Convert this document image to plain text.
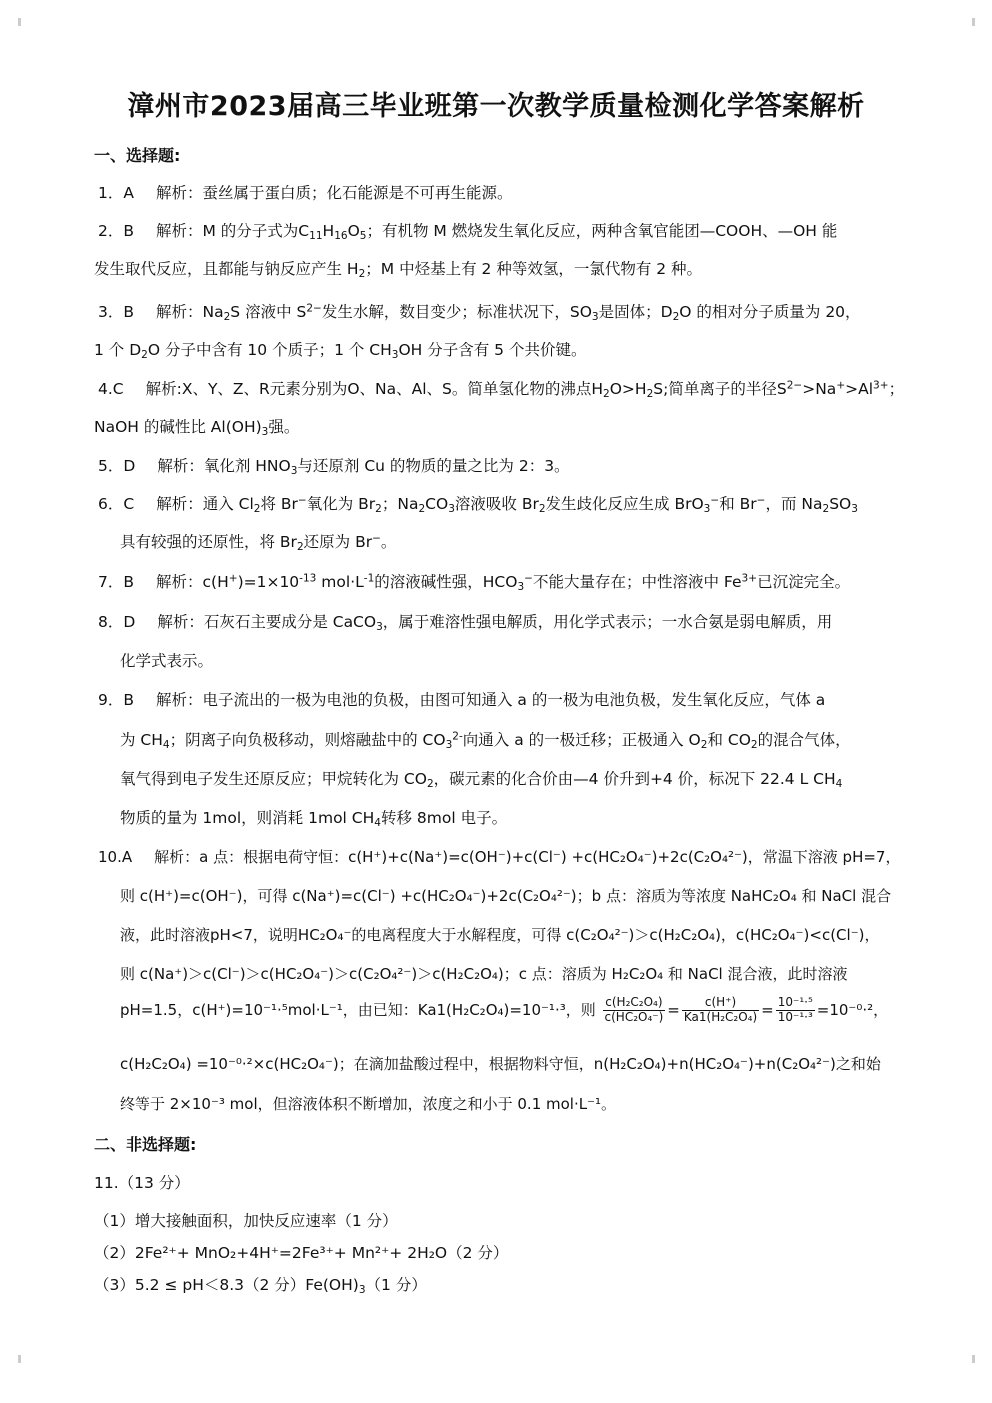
漳州市2023届高三毕业班第一次教学质量检测化学答案解析
一、选择题:
1．A 解析：蚕丝属于蛋白质；化石能源是不可再生能源。
2．B 解析：M 的分子式为$C_{11}H_{16}O_5$；有机物 M 燃烧发生氧化反应，两种含氧官能团—COOH、—OH 能
发生取代反应，且都能与钠反应产生 $H_2$；M 中烃基上有 2 种等效氢，一氯代物有 2 种。
3．B 解析：$Na_2S$ 溶液中 $S^{2-}$发生水解，数目变少；标准状况下，$SO_3$是固体；$D_2O$ 的相对分子质量为 20，
1 个 $D_2O$ 分子中含有 10 个质子；1 个 $CH_3OH$ 分子含有 5 个共价键。
4.C 解析:X、Y、Z、R元素分别为O、Na、Al、S。简单氢化物的沸点$H_2O>H_2S$;简单离子的半径$S^{2-}>Na^+>Al^{3+}$；
NaOH 的碱性比 $Al(OH)_3$强。
5．D 解析：氧化剂 $HNO_3$与还原剂 Cu 的物质的量之比为 2：3。
6．C 解析：通入 $Cl_2$将 Br−氧化为 $Br_2$；$Na_2CO_3$溶液吸收 $Br_2$发生歧化反应生成 BrO$_3$−和 Br−，而 $Na_2SO_3$
具有较强的还原性，将 $Br_2$还原为 Br−。
7．B 解析：$c(H^+)=1\times 10^{-13}$ $mol\cdot L^{-1}$的溶液碱性强，$HCO_3^-$不能大量存在；中性溶液中 $Fe^{3+}$已沉淀完全。
8．D 解析：石灰石主要成分是 CaCO$_3$，属于难溶性强电解质，用化学式表示；一水合氨是弱电解质，用
化学式表示。
9．B 解析：电子流出的一极为电池的负极，由图可知通入 a 的一极为电池负极，发生氧化反应，气体 a
为 $CH_4$；阴离子向负极移动，则熔融盐中的 $CO_3^{2-}$向通入 a 的一极迁移；正极通入 $O_2$和 $CO_2$的混合气体，
氧气得到电子发生还原反应；甲烷转化为 $CO_2$，碳元素的化合价由—4 价升到+4 价，标况下 22.4 L $CH_4$
物质的量为 1mol，则消耗 1mol $CH_4$转移 8mol 电子。
10.A 解析：a 点：根据电荷守恒：c(H⁺)+c(Na⁺)=c(OH⁻)+c(Cl⁻) +c(HC₂O₄⁻)+2c(C₂O₄²⁻)，常温下溶液 pH=7，
则 c(H⁺)=c(OH⁻)，可得 c(Na⁺)=c(Cl⁻) +c(HC₂O₄⁻)+2c(C₂O₄²⁻)；b 点：溶质为等浓度 NaHC₂O₄ 和 NaCl 混合
液，此时溶液pH<7，说明HC₂O₄⁻的电离程度大于水解程度，可得 c(C₂O₄²⁻)＞c(H₂C₂O₄)，c(HC₂O₄⁻)<c(Cl⁻)，
则 c(Na⁺)＞c(Cl⁻)＞c(HC₂O₄⁻)＞c(C₂O₄²⁻)＞c(H₂C₂O₄)；c 点：溶质为 H₂C₂O₄ 和 NaCl 混合液，此时溶液
pH=1.5，c(H⁺)=10⁻¹·⁵mol·L⁻¹，由已知：Ka1(H₂C₂O₄)=10⁻¹·³，则 $\frac{\text{c(H₂C₂O₄)}}{\text{c(HC₂O₄⁻)}} = \frac{c(H^+)}{\text{Ka1(H₂C₂O₄)}} = \frac{\text{10⁻¹·⁵}}{\text{10⁻¹·³}} =10^{-0}\cdot^2$，
c(H₂C₂O₄) =10⁻⁰·²×c(HC₂O₄⁻)；在滴加盐酸过程中，根据物料守恒，n(H₂C₂O₄)+n(HC₂O₄⁻)+n(C₂O₄²⁻)之和始
终等于 2×10⁻³ mol，但溶液体积不断增加，浓度之和小于 0.1 mol·L⁻¹。
二、非选择题:
11.（13 分）
（1）增大接触面积，加快反应速率（1 分）
（2）2Fe²⁺+ MnO₂+4H⁺=2Fe³⁺+ Mn²⁺+ 2H₂O（2 分）
（3）5.2 ≤ pH＜8.3（2 分）$Fe(OH)_3(1$ 分）
